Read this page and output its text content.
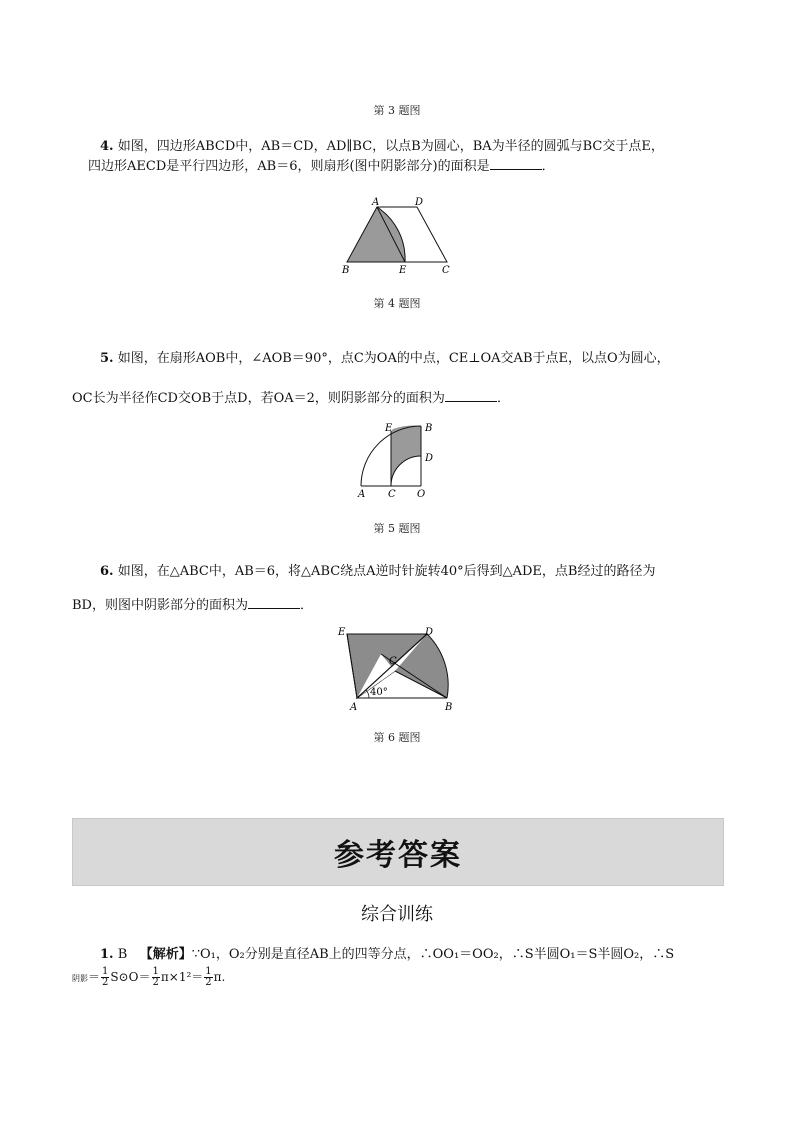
第 3 题图
4. 如图，四边形ABCD中，AB＝CD，AD∥BC，以点B为圆心，BA为半径的圆弧与BC交于点E，
四边形AECD是平行四边形，AB＝6，则扇形(图中阴影部分)的面积是	．
A	D
B	E	C
第 4 题图
5. 如图，在扇形AOB中，∠AOB＝90°，点C为OA的中点，CE⊥OA交AB于点E，以点O为圆心，
OC长为半径作CD交OB于点D，若OA＝2，则阴影部分的面积为	．
E	B
D
A C O
第 5 题图
6. 如图，在△ABC中，AB＝6，将△ABC绕点A逆时针旋转40°后得到△ADE，点B经过的路径为
BD，则图中阴影部分的面积为	．
E	D
C
40°
A	B
第 6 题图
参考答案
综合训练
1. B 【解析】∵O₁，O₂分别是直径AB上的四等分点，∴OO₁＝OO₂，∴S半圆O₁＝S半圆O₂，∴S
阴影＝ $\frac{1}{2}$ S⊙O＝ $\frac{1}{2} \pi\times 1^2= \frac{1}{2} \pi$.
